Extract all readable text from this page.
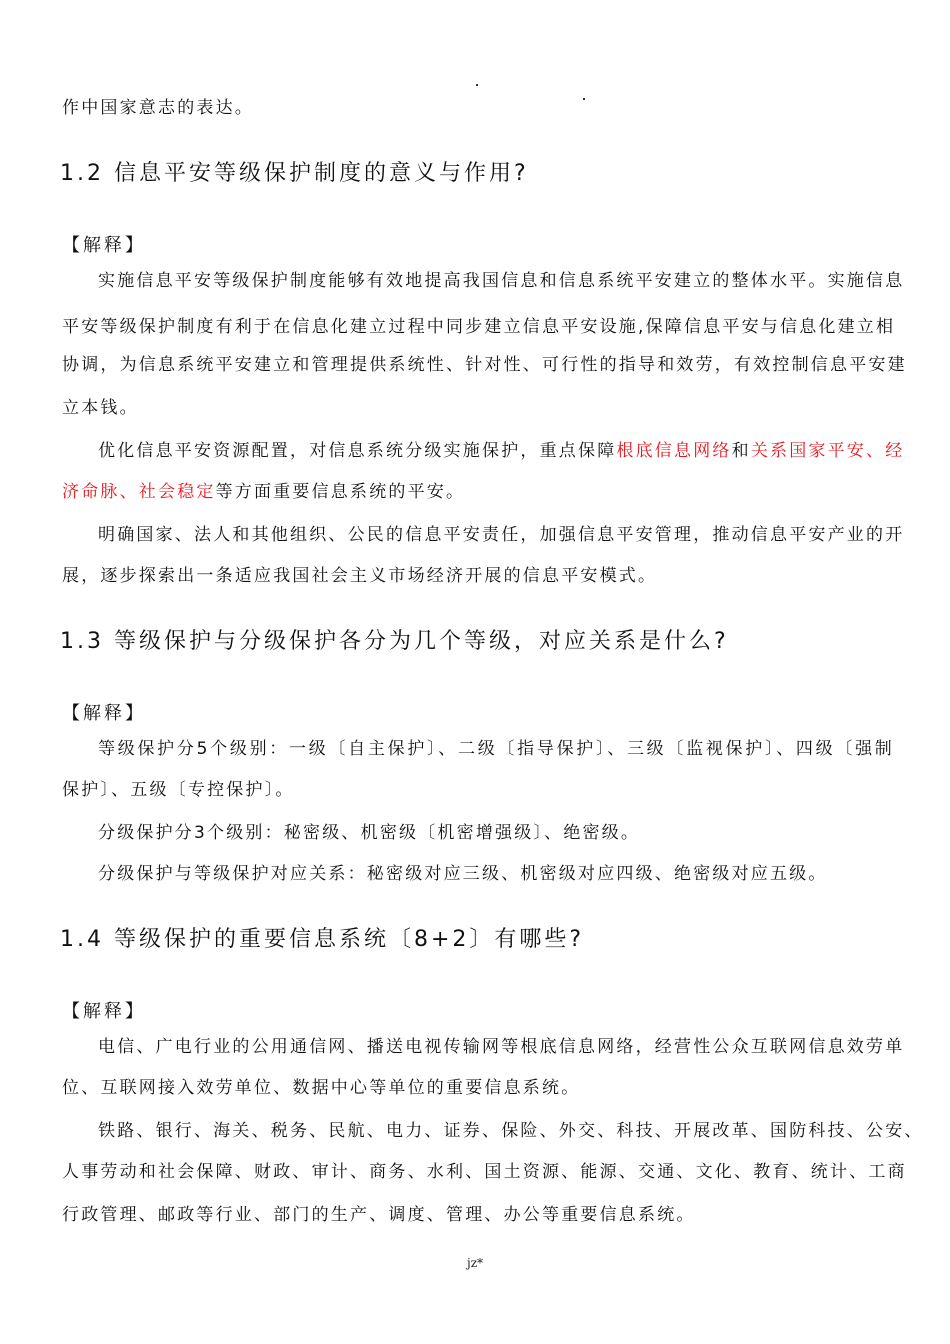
作中国家意志的表达。
1.2 信息平安等级保护制度的意义与作用?
【解释】
实施信息平安等级保护制度能够有效地提高我国信息和信息系统平安建立的整体水平。实施信息
平安等级保护制度有利于在信息化建立过程中同步建立信息平安设施,保障信息平安与信息化建立相
协调，为信息系统平安建立和管理提供系统性、针对性、可行性的指导和效劳，有效控制信息平安建
立本钱。
优化信息平安资源配置，对信息系统分级实施保护，重点保障根底信息网络和关系国家平安、经
济命脉、社会稳定等方面重要信息系统的平安。
明确国家、法人和其他组织、公民的信息平安责任，加强信息平安管理，推动信息平安产业的开
展，逐步探索出一条适应我国社会主义市场经济开展的信息平安模式。
1.3 等级保护与分级保护各分为几个等级，对应关系是什么?
【解释】
等级保护分5个级别：一级〔自主保护〕、二级〔指导保护〕、三级〔监视保护〕、四级〔强制
保护〕、五级〔专控保护〕。
分级保护分3个级别：秘密级、机密级〔机密增强级〕、绝密级。
分级保护与等级保护对应关系：秘密级对应三级、机密级对应四级、绝密级对应五级。
1.4 等级保护的重要信息系统〔8+2〕有哪些?
【解释】
电信、广电行业的公用通信网、播送电视传输网等根底信息网络，经营性公众互联网信息效劳单
位、互联网接入效劳单位、数据中心等单位的重要信息系统。
铁路、银行、海关、税务、民航、电力、证券、保险、外交、科技、开展改革、国防科技、公安、
人事劳动和社会保障、财政、审计、商务、水利、国土资源、能源、交通、文化、教育、统计、工商
行政管理、邮政等行业、部门的生产、调度、管理、办公等重要信息系统。
jz*
